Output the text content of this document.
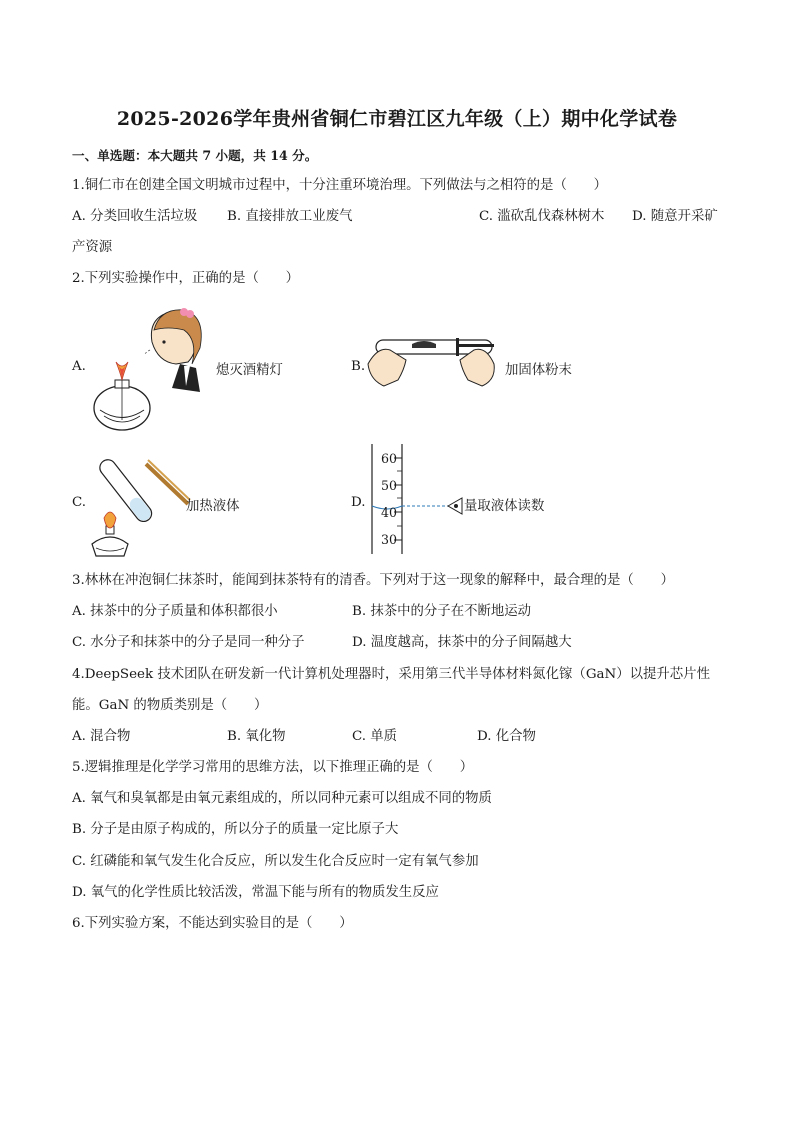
2025-2026学年贵州省铜仁市碧江区九年级（上）期中化学试卷
一、单选题：本大题共 7 小题，共 14 分。
1.铜仁市在创建全国文明城市过程中，十分注重环境治理。下列做法与之相符的是（　　）
A. 分类回收生活垃圾 B. 直接排放工业废气	C. 滥砍乱伐森林树木 D. 随意开采矿
产资源
2.下列实验操作中，正确的是（　　）
A.	熄灭酒精灯	B.	加固体粉末
C.	加热液体	D.
60
50
40
30
量取液体读数
3.林林在冲泡铜仁抹茶时，能闻到抹茶特有的清香。下列对于这一现象的解释中，最合理的是（　　）
A. 抹茶中的分子质量和体积都很小	B. 抹茶中的分子在不断地运动
C. 水分子和抹茶中的分子是同一种分子	D. 温度越高，抹茶中的分子间隔越大
4.DeepSeek 技术团队在研发新一代计算机处理器时，采用第三代半导体材料氮化镓（GaN）以提升芯片性
能。GaN 的物质类别是（　　）
A. 混合物	B. 氧化物	C. 单质	D. 化合物
5.逻辑推理是化学学习常用的思维方法，以下推理正确的是（　　）
A. 氧气和臭氧都是由氧元素组成的，所以同种元素可以组成不同的物质
B. 分子是由原子构成的，所以分子的质量一定比原子大
C. 红磷能和氧气发生化合反应，所以发生化合反应时一定有氧气参加
D. 氧气的化学性质比较活泼，常温下能与所有的物质发生反应
6.下列实验方案，不能达到实验目的是（　　）
